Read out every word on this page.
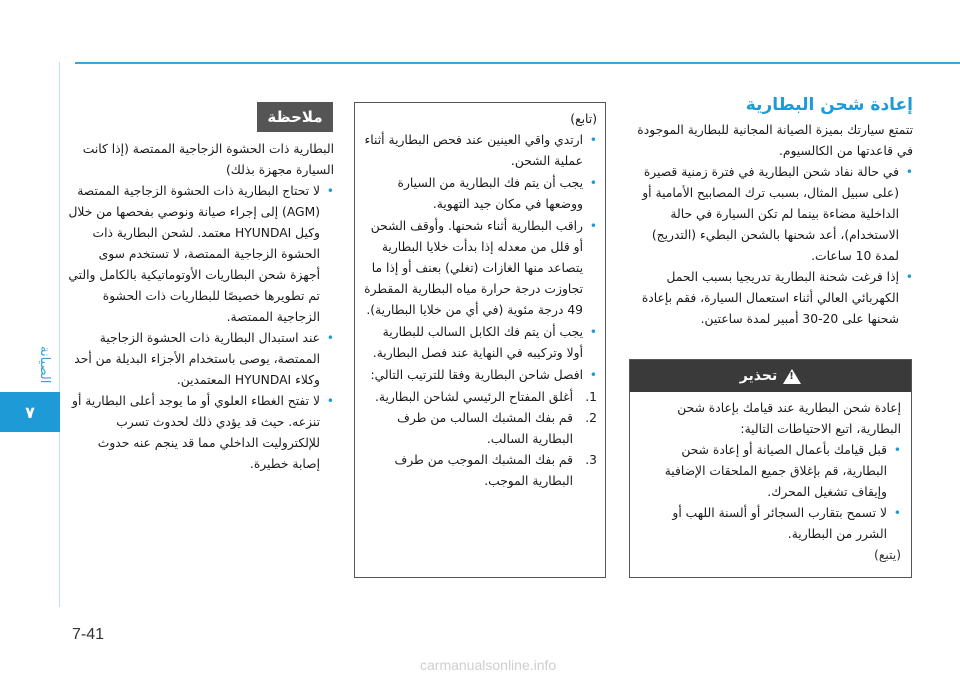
الصيانة
٧

إعادة شحن البطارية

تتمتع سيارتك بميزة الصيانة المجانية للبطارية الموجودة في قاعدتها من الكالسيوم.

• في حالة نفاد شحن البطارية في فترة زمنية قصيرة (على سبيل المثال، بسبب ترك المصابيح الأمامية أو الداخلية مضاءة بينما لم تكن السيارة في حالة الاستخدام)، أعد شحنها بالشحن البطيء (التدريج) لمدة 10 ساعات.
• إذا فرغت شحنة البطارية تدريجيا بسبب الحمل الكهربائي العالي أثناء استعمال السيارة، فقم بإعادة شحنها على 20-30 أمبير لمدة ساعتين.
!
تحذير

إعادة شحن البطارية عند قيامك بإعادة شحن البطارية، اتبع الاحتياطات التالية:

• قبل قيامك بأعمال الصيانة أو إعادة شحن البطارية، قم بإغلاق جميع الملحقات الإضافية وإيقاف تشغيل المحرك.
• لا تسمح بتقارب السجائر أو ألسنة اللهب أو الشرر من البطارية.

(يتبع)

(تابع)

• ارتدي واقي العينين عند فحص البطارية أثناء عملية الشحن.
• يجب أن يتم فك البطارية من السيارة ووضعها في مكان جيد التهوية.
• راقب البطارية أثناء شحنها. وأوقف الشحن أو قلل من معدله إذا بدأت خلايا البطارية يتصاعد منها الغازات (تغلي) بعنف أو إذا ما تجاوزت درجة حرارة مياه البطارية المقطرة 49 درجة مئوية (في أي من خلايا البطارية).
• يجب أن يتم فك الكابل السالب للبطارية أولا وتركيبه في النهاية عند فصل البطارية.
• افصل شاحن البطارية وفقا للترتيب التالي:
1.
أغلق المفتاح الرئيسي لشاحن البطارية.
2.
قم بفك المشبك السالب من طرف البطارية السالب.
3.
قم بفك المشبك الموجب من طرف البطارية الموجب.
ملاحظة

البطارية ذات الحشوة الزجاجية الممتصة (إذا كانت السيارة مجهزة بذلك)

• لا تحتاج البطارية ذات الحشوة الزجاجية الممتصة (AGM) إلى إجراء صيانة ونوصي بفحصها من خلال وكيل HYUNDAI معتمد. لشحن البطارية ذات الحشوة الزجاجية الممتصة، لا تستخدم سوى أجهزة شحن البطاريات الأوتوماتيكية بالكامل والتي تم تطويرها خصيصًا للبطاريات ذات الحشوة الزجاجية الممتصة.
• عند استبدال البطارية ذات الحشوة الزجاجية الممتصة، يوصى باستخدام الأجزاء البديلة من أحد وكلاء HYUNDAI المعتمدين.
• لا تفتح الغطاء العلوي أو ما يوجد أعلى البطارية أو تنزعه. حيث قد يؤدي ذلك لحدوث تسرب للإلكتروليت الداخلي مما قد ينجم عنه حدوث إصابة خطيرة.
7-41
carmanualsonline.info
